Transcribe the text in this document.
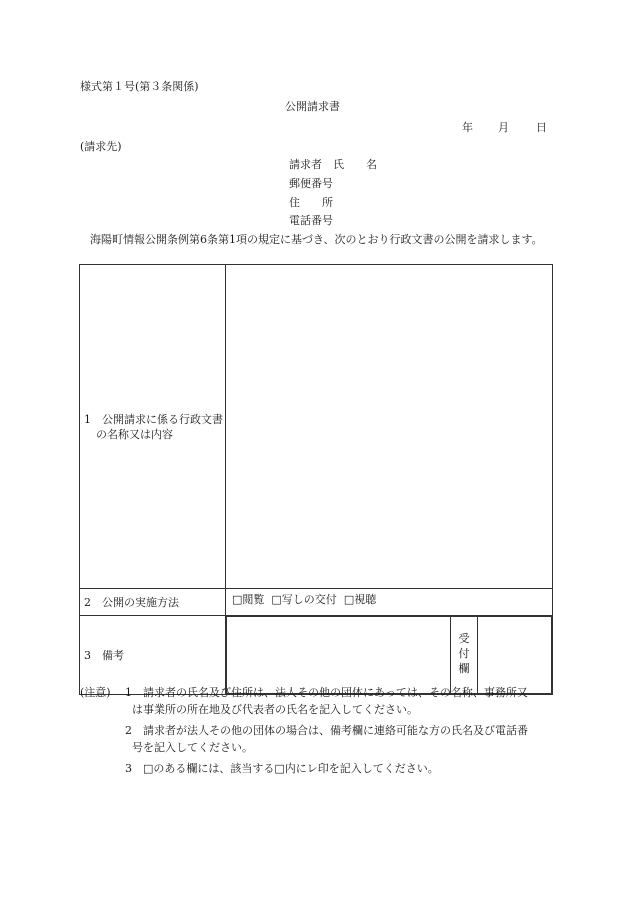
様式第１号(第３条関係)
公開請求書
年 月 日
(請求先)
請求者　氏　　名
郵便番号
住　　所
電話番号
海陽町情報公開条例第6条第1項の規定に基づき、次のとおり行政文書の公開を請求します。
1　公開請求に係る行政文書の名称又は内容

2　公開の実施方法	□閲覧 □写しの交付 □視聴
3　備考	

受
付
欄

(注意) 1 請求者の氏名及び住所は、法人その他の団体にあっては、その名称、事務所又
は事業所の所在地及び代表者の氏名を記入してください。
2 請求者が法人その他の団体の場合は、備考欄に連絡可能な方の氏名及び電話番
号を記入してください。
3 □のある欄には、該当する□内にレ印を記入してください。
